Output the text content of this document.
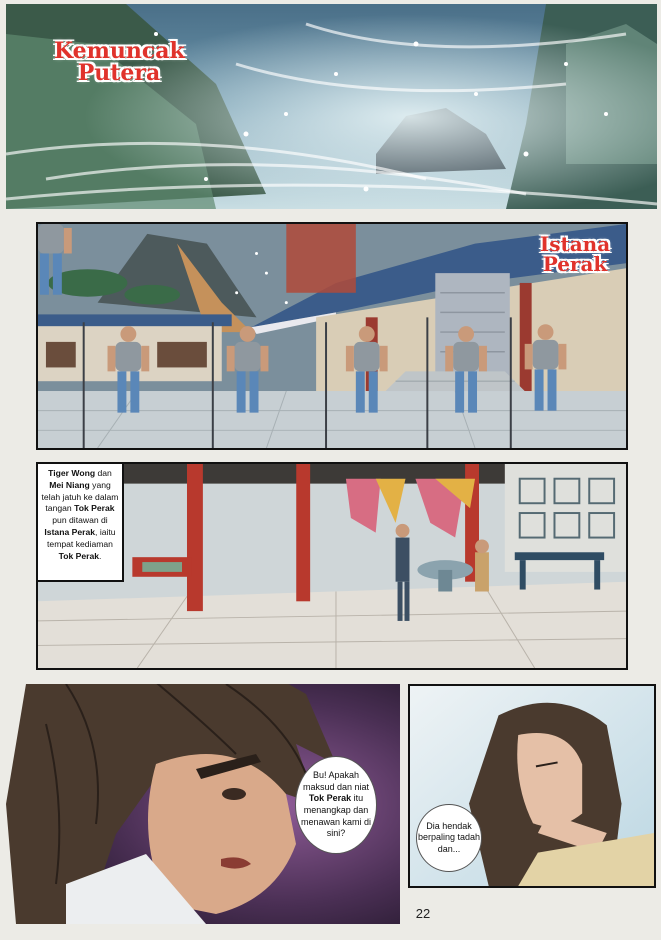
Kemuncak
Putera
Istana
Perak
Tiger Wong dan Mei Niang yang telah jatuh ke dalam tangan Tok Perak pun ditawan di Istana Perak, iaitu tempat kediaman Tok Perak.
Bu! Apakah maksud dan niat Tok Perak itu menangkap dan menawan kami di sini?
Dia hendak berpaling tadah dan...
22
